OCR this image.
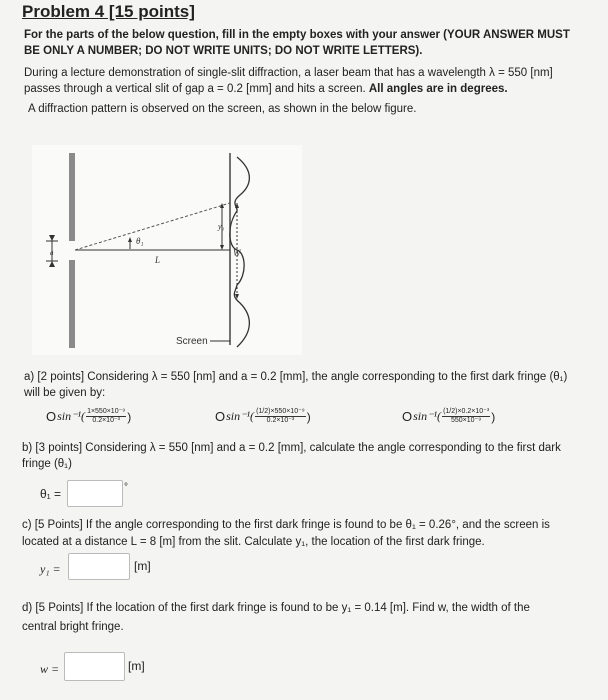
Problem 4 [15 points]
For the parts of the below question, fill in the empty boxes with your answer (YOUR ANSWER MUST BE ONLY A NUMBER; DO NOT WRITE UNITS; DO NOT WRITE LETTERS).
During a lecture demonstration of single-slit diffraction, a laser beam that has a wavelength λ = 550 [nm]
passes through a vertical slit of gap a = 0.2 [mm] and hits a screen. All angles are in degrees.
A diffraction pattern is observed on the screen, as shown in the below figure.
a
θ₁
L
y₁
W
Screen
a) [2 points] Considering λ = 550 [nm] and a = 0.2 [mm], the angle corresponding to the first dark fringe (θ₁)
will be given by:
O $\sin^{-1}( \frac{\text{1×550×10⁻⁹}}{\text{0.2×10⁻³}}$ )	O $\sin^{-1}( \frac{\text{(1/2)×550×10⁻⁹}}{\text{0.2×10⁻³}}$ )	O $\sin^{-1}( \frac{\text{(1/2)×0.2×10⁻³}}{\text{550×10⁻⁹}}$ )
b) [3 points] Considering λ = 550 [nm] and a = 0.2 [mm], calculate the angle corresponding to the first dark
fringe (θ₁)
θ₁ =	°
c) [5 Points] If the angle corresponding to the first dark fringe is found to be θ₁ = 0.26°, and the screen is
located at a distance L = 8 [m] from the slit. Calculate y₁, the location of the first dark fringe.
y₁ =	[m]
d) [5 Points] If the location of the first dark fringe is found to be y₁ = 0.14 [m]. Find w, the width of the
central bright fringe.
w =	[m]
